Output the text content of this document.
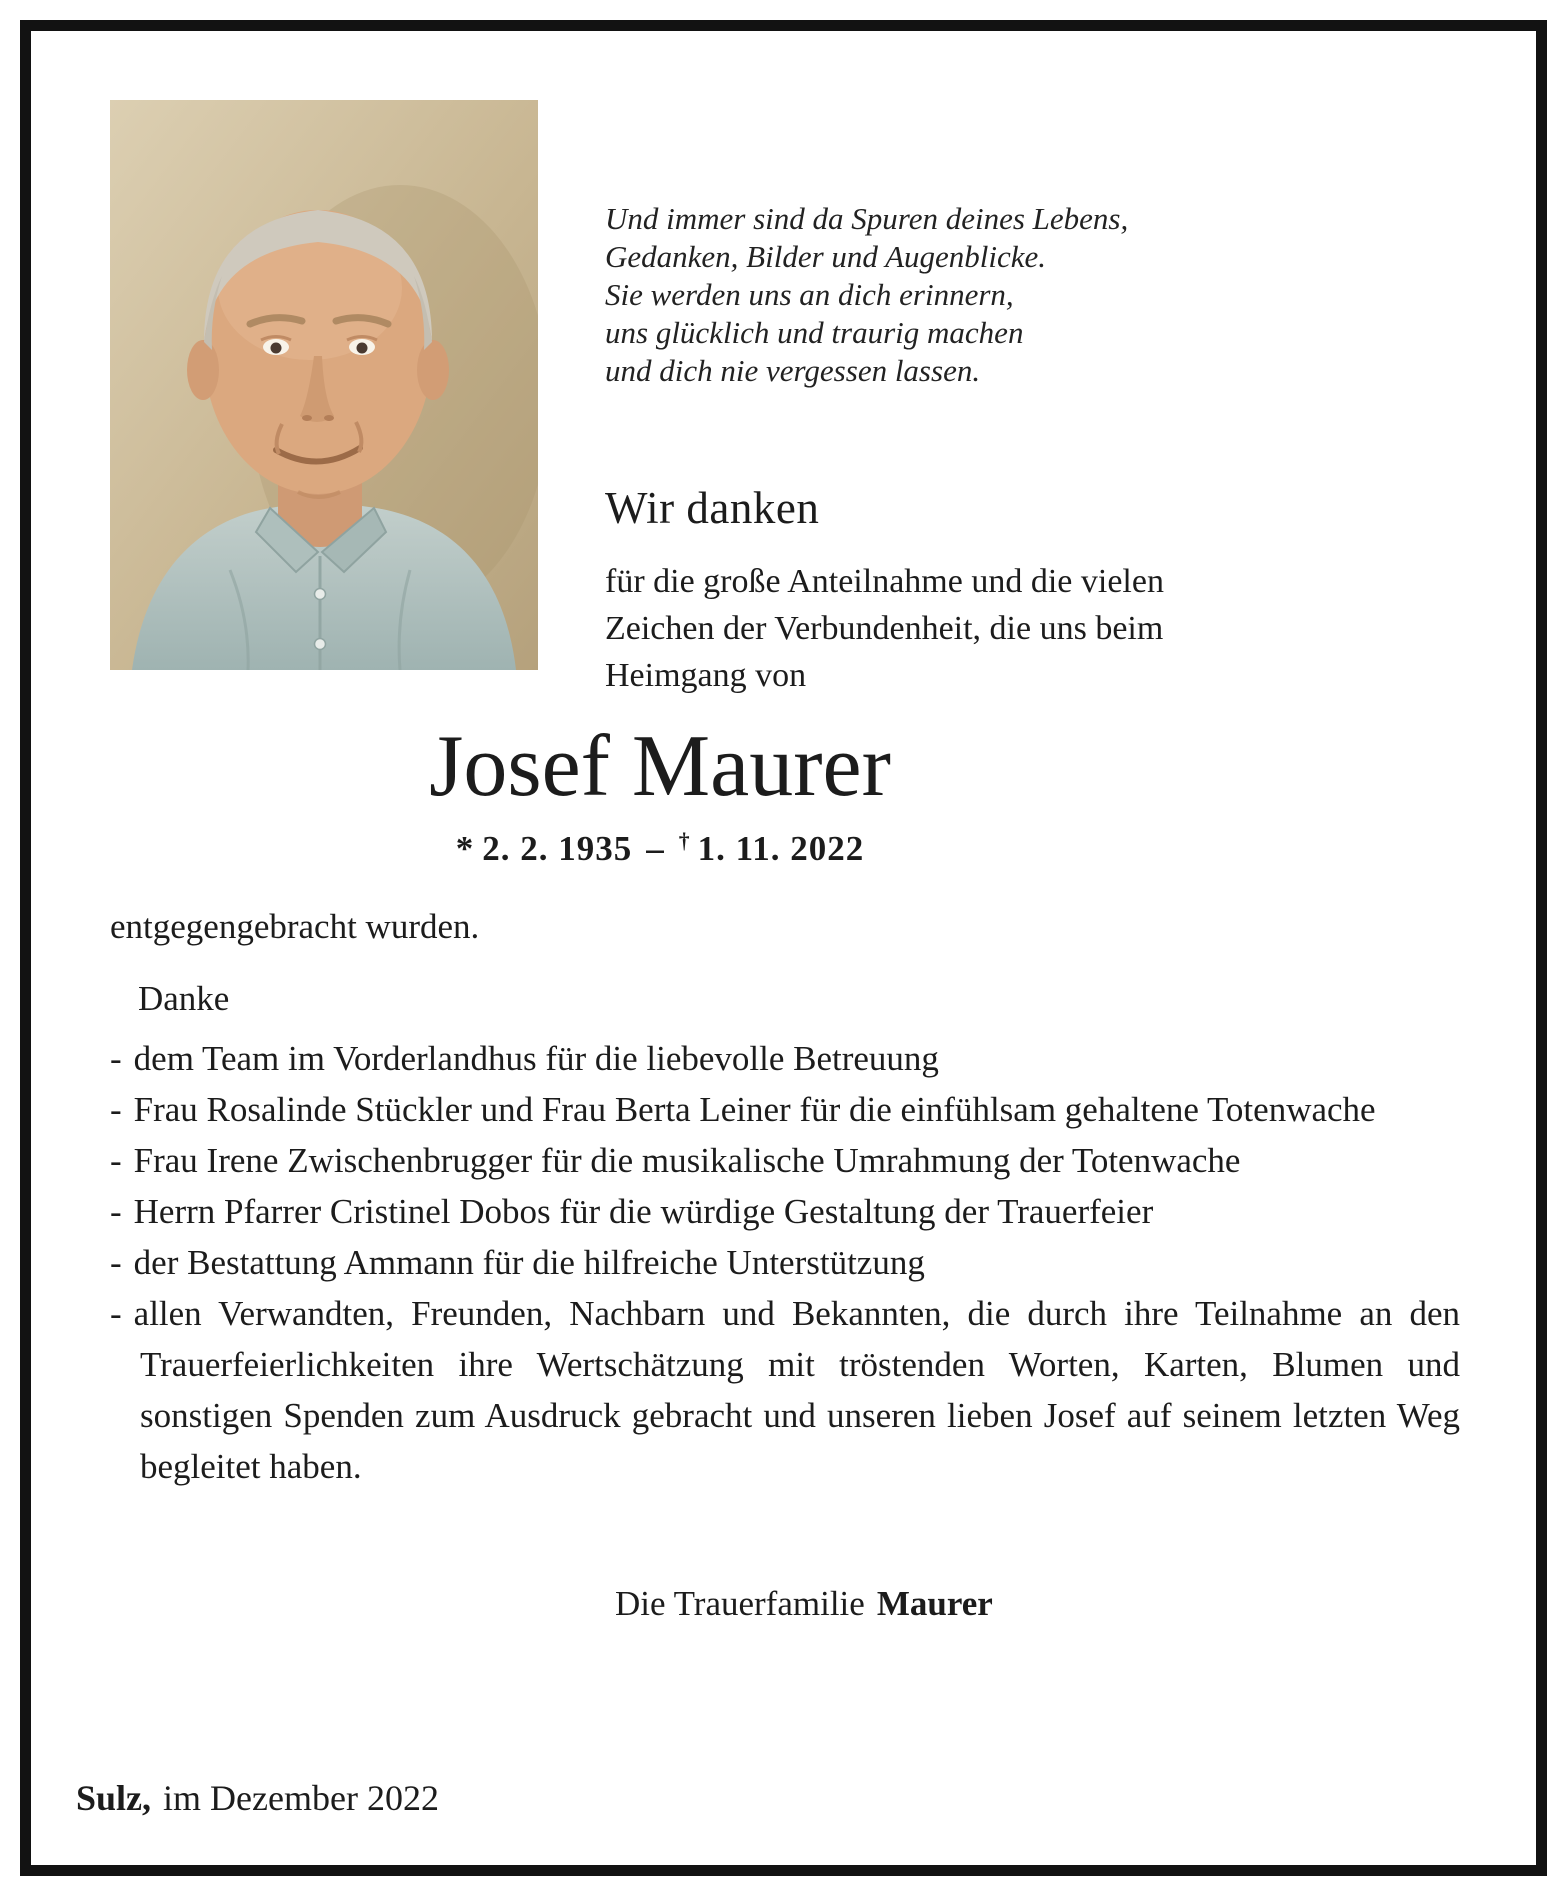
Und immer sind da Spuren deines Lebens,
Gedanken, Bilder und Augenblicke.
Sie werden uns an dich erinnern,
uns glücklich und traurig machen
und dich nie vergessen lassen.
Wir danken
für die große Anteilnahme und die vielen
Zeichen der Verbundenheit, die uns beim
Heimgang von
Josef Maurer
* 2. 2. 1935 – † 1. 11. 2022
entgegengebracht wurden.
Danke
- dem Team im Vorderlandhus für die liebevolle Betreuung
- Frau Rosalinde Stückler und Frau Berta Leiner für die einfühlsam gehaltene Totenwache
- Frau Irene Zwischenbrugger für die musikalische Umrahmung der Totenwache
- Herrn Pfarrer Cristinel Dobos für die würdige Gestaltung der Trauerfeier
- der Bestattung Ammann für die hilfreiche Unterstützung
- allen Verwandten, Freunden, Nachbarn und Bekannten, die durch ihre Teilnahme an den Trauerfeierlichkeiten ihre Wertschätzung mit tröstenden Worten, Karten, Blumen und sonstigen Spenden zum Ausdruck gebracht und unseren lieben Josef auf seinem letzten Weg begleitet haben.
Die Trauerfamilie Maurer
Sulz, im Dezember 2022
